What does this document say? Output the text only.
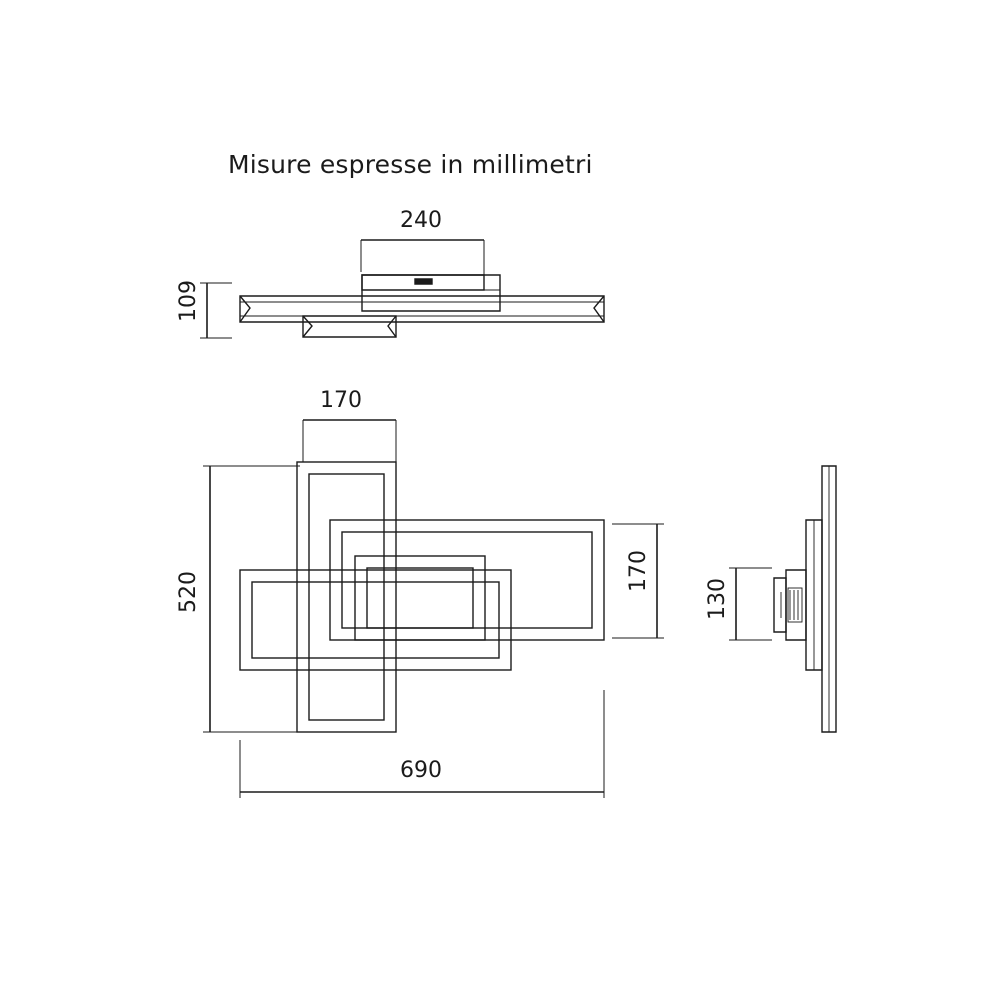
Misure espresse in millimetri
240
109
170
520	170
690
130
